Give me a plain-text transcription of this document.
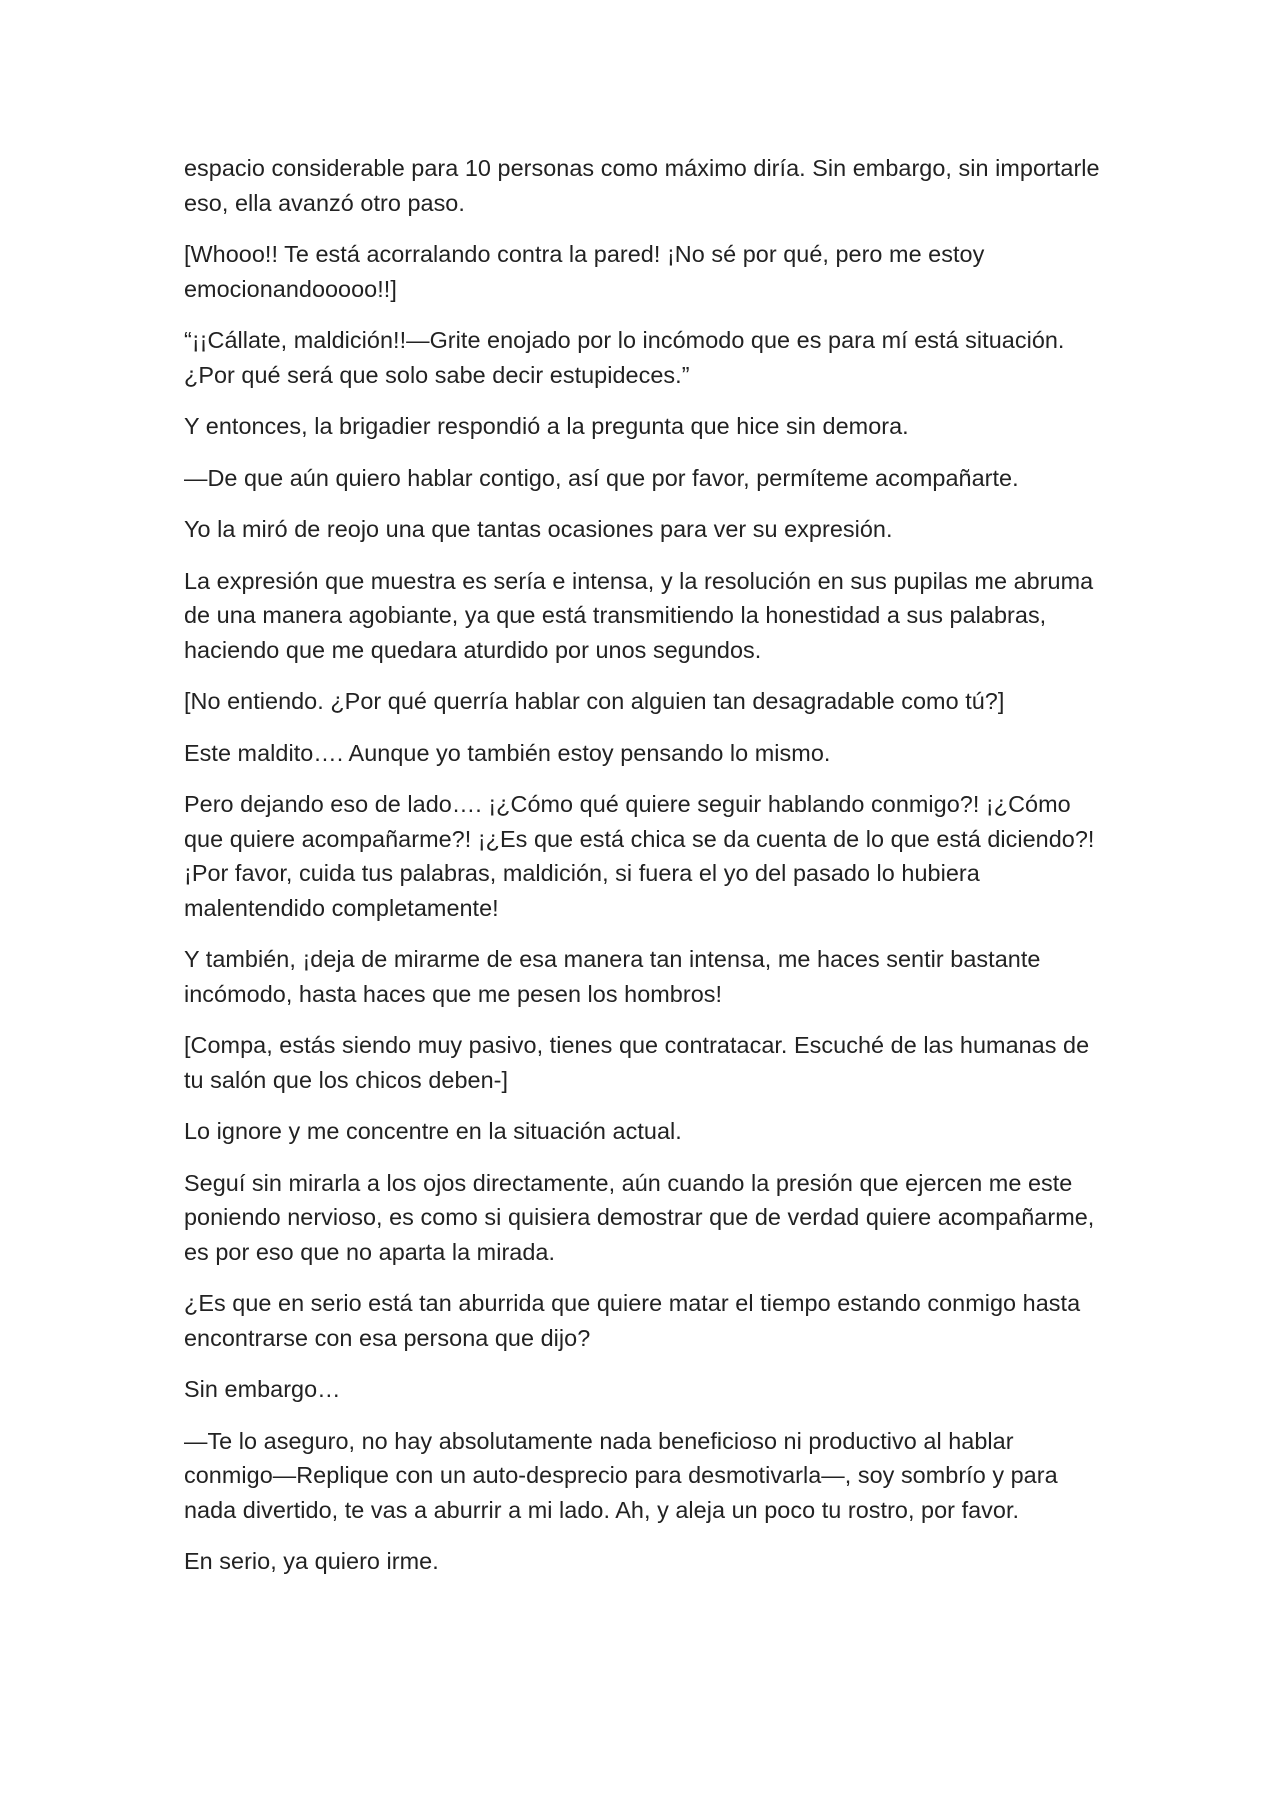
espacio considerable para 10 personas como máximo diría. Sin embargo, sin importarle eso, ella avanzó otro paso.

[Whooo!! Te está acorralando contra la pared! ¡No sé por qué, pero me estoy emocionandooooo!!]

“¡¡Cállate, maldición!!—Grite enojado por lo incómodo que es para mí está situación. ¿Por qué será que solo sabe decir estupideces.”

Y entonces, la brigadier respondió a la pregunta que hice sin demora.

—De que aún quiero hablar contigo, así que por favor, permíteme acompañarte.

Yo la miró de reojo una que tantas ocasiones para ver su expresión.

La expresión que muestra es sería e intensa, y la resolución en sus pupilas me abruma de una manera agobiante, ya que está transmitiendo la honestidad a sus palabras, haciendo que me quedara aturdido por unos segundos.

[No entiendo. ¿Por qué querría hablar con alguien tan desagradable como tú?]

Este maldito…. Aunque yo también estoy pensando lo mismo.

Pero dejando eso de lado…. ¡¿Cómo qué quiere seguir hablando conmigo?! ¡¿Cómo que quiere acompañarme?! ¡¿Es que está chica se da cuenta de lo que está diciendo?! ¡Por favor, cuida tus palabras, maldición, si fuera el yo del pasado lo hubiera malentendido completamente!

Y también, ¡deja de mirarme de esa manera tan intensa, me haces sentir bastante incómodo, hasta haces que me pesen los hombros!

[Compa, estás siendo muy pasivo, tienes que contratacar. Escuché de las humanas de tu salón que los chicos deben-]

Lo ignore y me concentre en la situación actual.

Seguí sin mirarla a los ojos directamente, aún cuando la presión que ejercen me este poniendo nervioso, es como si quisiera demostrar que de verdad quiere acompañarme, es por eso que no aparta la mirada.

¿Es que en serio está tan aburrida que quiere matar el tiempo estando conmigo hasta encontrarse con esa persona que dijo?

Sin embargo…

—Te lo aseguro, no hay absolutamente nada beneficioso ni productivo al hablar conmigo—Replique con un auto-desprecio para desmotivarla—, soy sombrío y para nada divertido, te vas a aburrir a mi lado. Ah, y aleja un poco tu rostro, por favor.

En serio, ya quiero irme.
